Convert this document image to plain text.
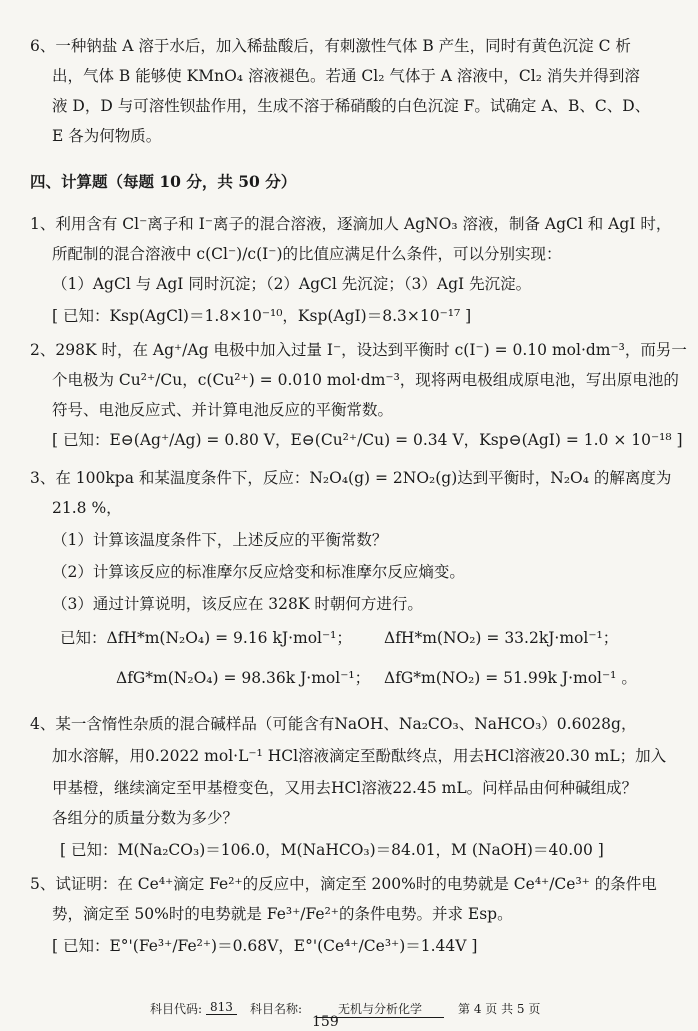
6、一种钠盐 A 溶于水后，加入稀盐酸后，有刺激性气体 B 产生，同时有黄色沉淀 C 析
出，气体 B 能够使 KMnO₄ 溶液褪色。若通 Cl₂ 气体于 A 溶液中，Cl₂ 消失并得到溶
液 D，D 与可溶性钡盐作用，生成不溶于稀硝酸的白色沉淀 F。试确定 A、B、C、D、
E 各为何物质。
四、计算题（每题 10 分，共 50 分）
1、利用含有 Cl⁻离子和 I⁻离子的混合溶液，逐滴加人 AgNO₃ 溶液，制备 AgCl 和 AgI 时，
所配制的混合溶液中 c(Cl⁻)/c(I⁻)的比值应满足什么条件，可以分别实现：
（1）AgCl 与 AgI 同时沉淀；（2）AgCl 先沉淀；（3）AgI 先沉淀。
[ 已知：Ksp(AgCl)＝1.8×10⁻¹⁰，Ksp(AgI)＝8.3×10⁻¹⁷ ]
2、298K 时，在 Ag⁺/Ag 电极中加入过量 I⁻，设达到平衡时 c(I⁻) = 0.10 mol·dm⁻³，而另一
个电极为 Cu²⁺/Cu，c(Cu²⁺) = 0.010 mol·dm⁻³，现将两电极组成原电池，写出原电池的
符号、电池反应式、并计算电池反应的平衡常数。
[ 已知：E⊖(Ag⁺/Ag) = 0.80 V，E⊖(Cu²⁺/Cu) = 0.34 V，Ksp⊖(AgI) = 1.0 × 10⁻¹⁸ ]
3、在 100kpa 和某温度条件下，反应：N₂O₄(g) = 2NO₂(g)达到平衡时，N₂O₄ 的解离度为
21.8 %，
（1）计算该温度条件下，上述反应的平衡常数？
（2）计算该反应的标准摩尔反应焓变和标准摩尔反应熵变。
（3）通过计算说明，该反应在 328K 时朝何方进行。
已知：ΔfH*m(N₂O₄) = 9.16 kJ·mol⁻¹； ΔfH*m(NO₂) = 33.2kJ·mol⁻¹；
ΔfG*m(N₂O₄) = 98.36k J·mol⁻¹； ΔfG*m(NO₂) = 51.99k J·mol⁻¹ 。
4、某一含惰性杂质的混合碱样品（可能含有NaOH、Na₂CO₃、NaHCO₃）0.6028g，
加水溶解，用0.2022 mol·L⁻¹ HCl溶液滴定至酚酞终点，用去HCl溶液20.30 mL；加入
甲基橙，继续滴定至甲基橙变色，又用去HCl溶液22.45 mL。问样品由何种碱组成？
各组分的质量分数为多少？
[ 已知：M(Na₂CO₃)＝106.0，M(NaHCO₃)＝84.01，M (NaOH)＝40.00 ]
5、试证明：在 Ce⁴⁺滴定 Fe²⁺的反应中，滴定至 200%时的电势就是 Ce⁴⁺/Ce³⁺ 的条件电
势，滴定至 50%时的电势就是 Fe³⁺/Fe²⁺的条件电势。并求 Esp。
[ 已知：E°'(Fe³⁺/Fe²⁺)＝0.68V，E°'(Ce⁴⁺/Ce³⁺)＝1.44V ]
科目代码: 813	科目名称:	无机与分析化学	第 4 页 共 5 页
159
